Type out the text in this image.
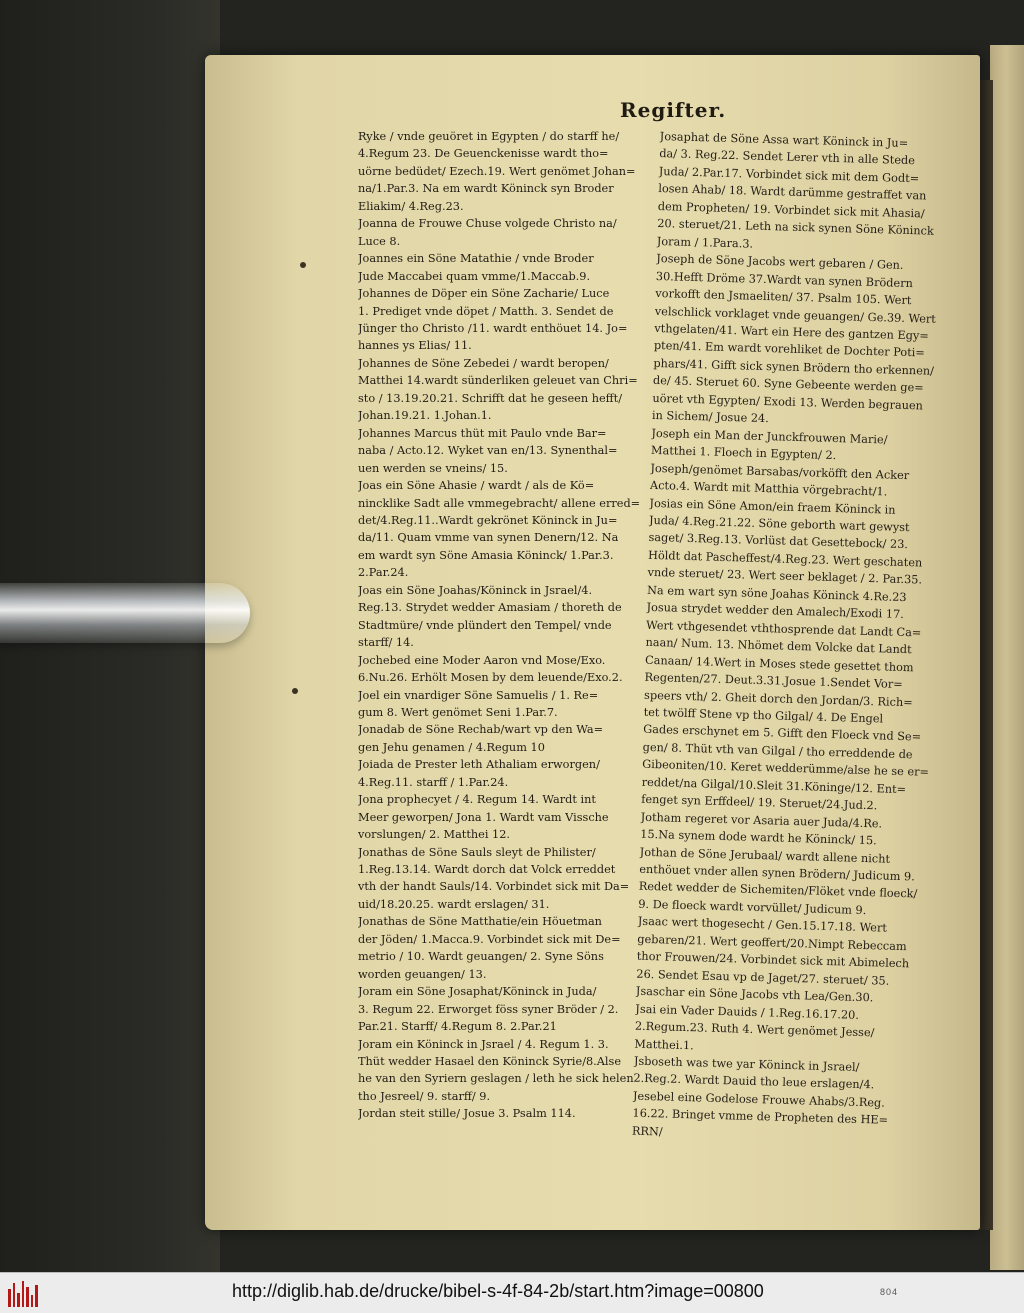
Regifter.
Ryke / vnde geuöret in Egypten / do starff he/
4.Regum 23. De Geuenckenisse wardt tho=
uörne bedüdet/ Ezech.19. Wert genömet Johan=
na/1.Par.3. Na em wardt Köninck syn Broder
Eliakim/ 4.Reg.23.
Joanna de Frouwe Chuse volgede Christo na/
Luce 8.
Joannes ein Söne Matathie / vnde Broder
Jude Maccabei quam vmme/1.Maccab.9.
Johannes de Döper ein Söne Zacharie/ Luce
1. Prediget vnde döpet / Matth. 3. Sendet de
Jünger tho Christo /11. wardt enthöuet 14. Jo=
hannes ys Elias/ 11.
Johannes de Söne Zebedei / wardt beropen/
Matthei 14.wardt sünderliken geleuet van Chri=
sto / 13.19.20.21. Schrifft dat he geseen hefft/
Johan.19.21. 1.Johan.1.
Johannes Marcus thüt mit Paulo vnde Bar=
naba / Acto.12. Wyket van en/13. Synenthal=
uen werden se vneins/ 15.
Joas ein Söne Ahasie / wardt / als de Kö=
nincklike Sadt alle vmmegebracht/ allene erred=
det/4.Reg.11..Wardt gekrönet Köninck in Ju=
da/11. Quam vmme van synen Denern/12. Na
em wardt syn Söne Amasia Köninck/ 1.Par.3.
2.Par.24.
Joas ein Söne Joahas/Köninck in Jsrael/4.
Reg.13. Strydet wedder Amasiam / thoreth de
Stadtmüre/ vnde plündert den Tempel/ vnde
starff/ 14.
Jochebed eine Moder Aaron vnd Mose/Exo.
6.Nu.26. Erhölt Mosen by dem leuende/Exo.2.
Joel ein vnardiger Söne Samuelis / 1. Re=
gum 8. Wert genömet Seni 1.Par.7.
Jonadab de Söne Rechab/wart vp den Wa=
gen Jehu genamen / 4.Regum 10
Joiada de Prester leth Athaliam erworgen/
4.Reg.11. starff / 1.Par.24.
Jona prophecyet / 4. Regum 14. Wardt int
Meer geworpen/ Jona 1. Wardt vam Vissche
vorslungen/ 2. Matthei 12.
Jonathas de Söne Sauls sleyt de Philister/
1.Reg.13.14. Wardt dorch dat Volck erreddet
vth der handt Sauls/14. Vorbindet sick mit Da=
uid/18.20.25. wardt erslagen/ 31.
Jonathas de Söne Matthatie/ein Höuetman
der Jöden/ 1.Macca.9. Vorbindet sick mit De=
metrio / 10. Wardt geuangen/ 2. Syne Söns
worden geuangen/ 13.
Joram ein Söne Josaphat/Köninck in Juda/
3. Regum 22. Erworget föss syner Bröder / 2.
Par.21. Starff/ 4.Regum 8. 2.Par.21
Joram ein Köninck in Jsrael / 4. Regum 1. 3.
Thüt wedder Hasael den Köninck Syrie/8.Alse
he van den Syriern geslagen / leth he sick helen
tho Jesreel/ 9. starff/ 9.
Jordan steit stille/ Josue 3. Psalm 114.
Josaphat de Söne Assa wart Köninck in Ju=
da/ 3. Reg.22. Sendet Lerer vth in alle Stede
Juda/ 2.Par.17. Vorbindet sick mit dem Godt=
losen Ahab/ 18. Wardt darümme gestraffet van
dem Propheten/ 19. Vorbindet sick mit Ahasia/
20. steruet/21. Leth na sick synen Söne Köninck
Joram / 1.Para.3.
Joseph de Söne Jacobs wert gebaren / Gen.
30.Hefft Dröme 37.Wardt van synen Brödern
vorkofft den Jsmaeliten/ 37. Psalm 105. Wert
velschlick vorklaget vnde geuangen/ Ge.39. Wert
vthgelaten/41. Wart ein Here des gantzen Egy=
pten/41. Em wardt vorehliket de Dochter Poti=
phars/41. Gifft sick synen Brödern tho erkennen/
de/ 45. Steruet 60. Syne Gebeente werden ge=
uöret vth Egypten/ Exodi 13. Werden begrauen
in Sichem/ Josue 24.
Joseph ein Man der Junckfrouwen Marie/
Matthei 1. Floech in Egypten/ 2.
Joseph/genömet Barsabas/vorköfft den Acker
Acto.4. Wardt mit Matthia vörgebracht/1.
Josias ein Söne Amon/ein fraem Köninck in
Juda/ 4.Reg.21.22. Söne geborth wart gewyst
saget/ 3.Reg.13. Vorlüst dat Gesettebock/ 23.
Höldt dat Pascheffest/4.Reg.23. Wert geschaten
vnde steruet/ 23. Wert seer beklaget / 2. Par.35.
Na em wart syn söne Joahas Köninck 4.Re.23
Josua strydet wedder den Amalech/Exodi 17.
Wert vthgesendet vththosprende dat Landt Ca=
naan/ Num. 13. Nhömet dem Volcke dat Landt
Canaan/ 14.Wert in Moses stede gesettet thom
Regenten/27. Deut.3.31.Josue 1.Sendet Vor=
speers vth/ 2. Gheit dorch den Jordan/3. Rich=
tet twölff Stene vp tho Gilgal/ 4. De Engel
Gades erschynet em 5. Gifft den Floeck vnd Se=
gen/ 8. Thüt vth van Gilgal / tho erreddende de
Gibeoniten/10. Keret wedderümme/alse he se er=
reddet/na Gilgal/10.Sleit 31.Köninge/12. Ent=
fenget syn Erffdeel/ 19. Steruet/24.Jud.2.
Jotham regeret vor Asaria auer Juda/4.Re.
15.Na synem dode wardt he Köninck/ 15.
Jothan de Söne Jerubaal/ wardt allene nicht
enthöuet vnder allen synen Brödern/ Judicum 9.
Redet wedder de Sichemiten/Flöket vnde floeck/
9. De floeck wardt vorvüllet/ Judicum 9.
Jsaac wert thogesecht / Gen.15.17.18. Wert
gebaren/21. Wert geoffert/20.Nimpt Rebeccam
thor Frouwen/24. Vorbindet sick mit Abimelech
26. Sendet Esau vp de Jaget/27. steruet/ 35.
Jsaschar ein Söne Jacobs vth Lea/Gen.30.
Jsai ein Vader Dauids / 1.Reg.16.17.20.
2.Regum.23. Ruth 4. Wert genömet Jesse/
Matthei.1.
Jsboseth was twe yar Köninck in Jsrael/
2.Reg.2. Wardt Dauid tho leue erslagen/4.
Jesebel eine Godelose Frouwe Ahabs/3.Reg.
16.22. Bringet vmme de Propheten des HE=
RRN/
http://diglib.hab.de/drucke/bibel-s-4f-84-2b/start.htm?image=00800	804
